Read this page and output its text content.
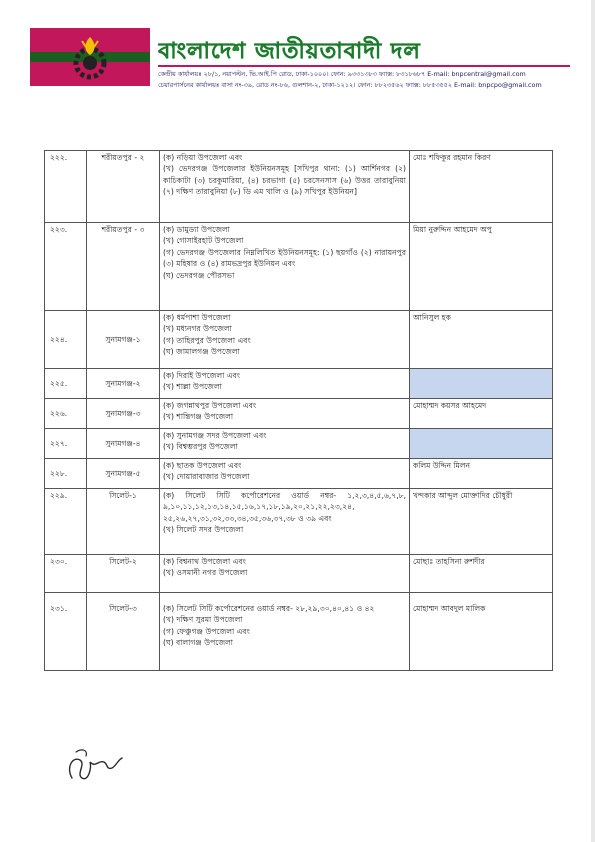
বাংলাদেশ জাতীয়তাবাদী দল
কেন্দ্রীয় কার্যালয়ঃ ২৮/১, নয়াপল্টন, ভি.আই.পি রোড, ঢাকা-১০০০। ফোন: ৯৩৩১৩৮৩ ফ্যাক্স: ৮৩১৮৬৮৭ E-mail: bnpcentral@gmail.com
চেয়ারপার্সনের কার্যালয়ঃ বাসা নং-৩৯, রোড নং-৮৬, গুলশান-২, ঢাকা-১২১২। ফোন: ৮৮২৩৫৬২ ফ্যাক্স: ৮৮৫৩৫৫২ E-mail: bnpcpo@gmail.com
২২২.	শরীয়তপুর - ২	(ক) নড়িয়া উপজেলা এবং
(খ) ভেদরগঞ্জ উপজেলার ইউনিয়নসমূহ [সখিপুর থানা: (১) আর্শিনগর (২) কাচিকাটা (৩) চরকুমারিয়া, (৪) চরভাগা (৫) চরসেনসাস (৬) উত্তর তারাবুনিয়া (৭) দক্ষিণ তারাবুনিয়া (৮) ডি এম খালি ও (৯) সখিপুর ইউনিয়ন]	মোঃ শফিকুর রহমান কিরণ
২২৩.	শরীয়তপুর - ৩	(ক) ডামুড্যা উপজেলা
(খ) গোসাইরহাট উপজেলা
(গ) ভেদরগঞ্জ উপজেলার নিম্নলিখিত ইউনিয়নসমূহ: (১) ছয়গাঁও (২) নারায়নপুর (৩) মহিষার ও (৪) রামভদ্রপুর ইউনিয়ন এবং
(ঘ) ভেদরগঞ্জ পৌরসভা	মিয়া নুরুদ্দিন আহমেদ অপু
২২৪.	সুনামগঞ্জ-১	(ক) ধর্মপাশা উপজেলা
(খ) মধ্যনগর উপজেলা
(গ) তাহিরপুর উপজেলা এবং
(ঘ) জামালগঞ্জ উপজেলা	আনিসুল হক
২২৫.	সুনামগঞ্জ-২	(ক) দিরাই উপজেলা এবং
(খ) শাল্লা উপজেলা	

২২৬.	সুনামগঞ্জ-৩	(ক) জগন্নাথপুর উপজেলা এবং
(খ) শান্তিগঞ্জ উপজেলা	মোহাম্মদ কয়সর আহমেদ
২২৭.	সুনামগঞ্জ-৪	(ক) সুনামগঞ্জ সদর উপজেলা এবং
(খ) বিশ্বম্ভরপুর উপজেলা	

২২৮.	সুনামগঞ্জ-৫	(ক) ছাতক উপজেলা এবং
(খ) দোয়ারাবাজার উপজেলা	কলিম উদ্দিন মিলন
২২৯.	সিলেট-১	(ক) সিলেট সিটি কর্পোরেশনের ওয়ার্ড নম্বর- ১,২,৩,৪,৫,৬,৭,৮, ৯,১০,১১,১২,১৩,১৪,১৫,১৬,১৭,১৮,১৯,২০,২১,২২,২৩,২৪, ২৫,২৬,২৭,৩১,৩২,৩৩,৩৪,৩৫,৩৬,৩৭,৩৮ ও ৩৯ এবং
(খ) সিলেট সদর উপজেলা	খন্দকার আব্দুল মোক্তাদির চৌধুরী
২৩০.	সিলেট-২	(ক) বিশ্বনাথ উপজেলা এবং
(খ) ওসমানী নগর উপজেলা	মোছাঃ তাহসিনা রুশদীর
২৩১.	সিলেট-৩	(ক) সিলেট সিটি কর্পোরেশনের ওয়ার্ড নম্বর- ২৮,২৯,৩০,৪০,৪১ ও ৪২
(খ) দক্ষিণ সুরমা উপজেলা
(গ) ফেঞ্চুগঞ্জ উপজেলা এবং
(ঘ) বালাগঞ্জ উপজেলা	মোহাম্মদ আবদুল মালিক
